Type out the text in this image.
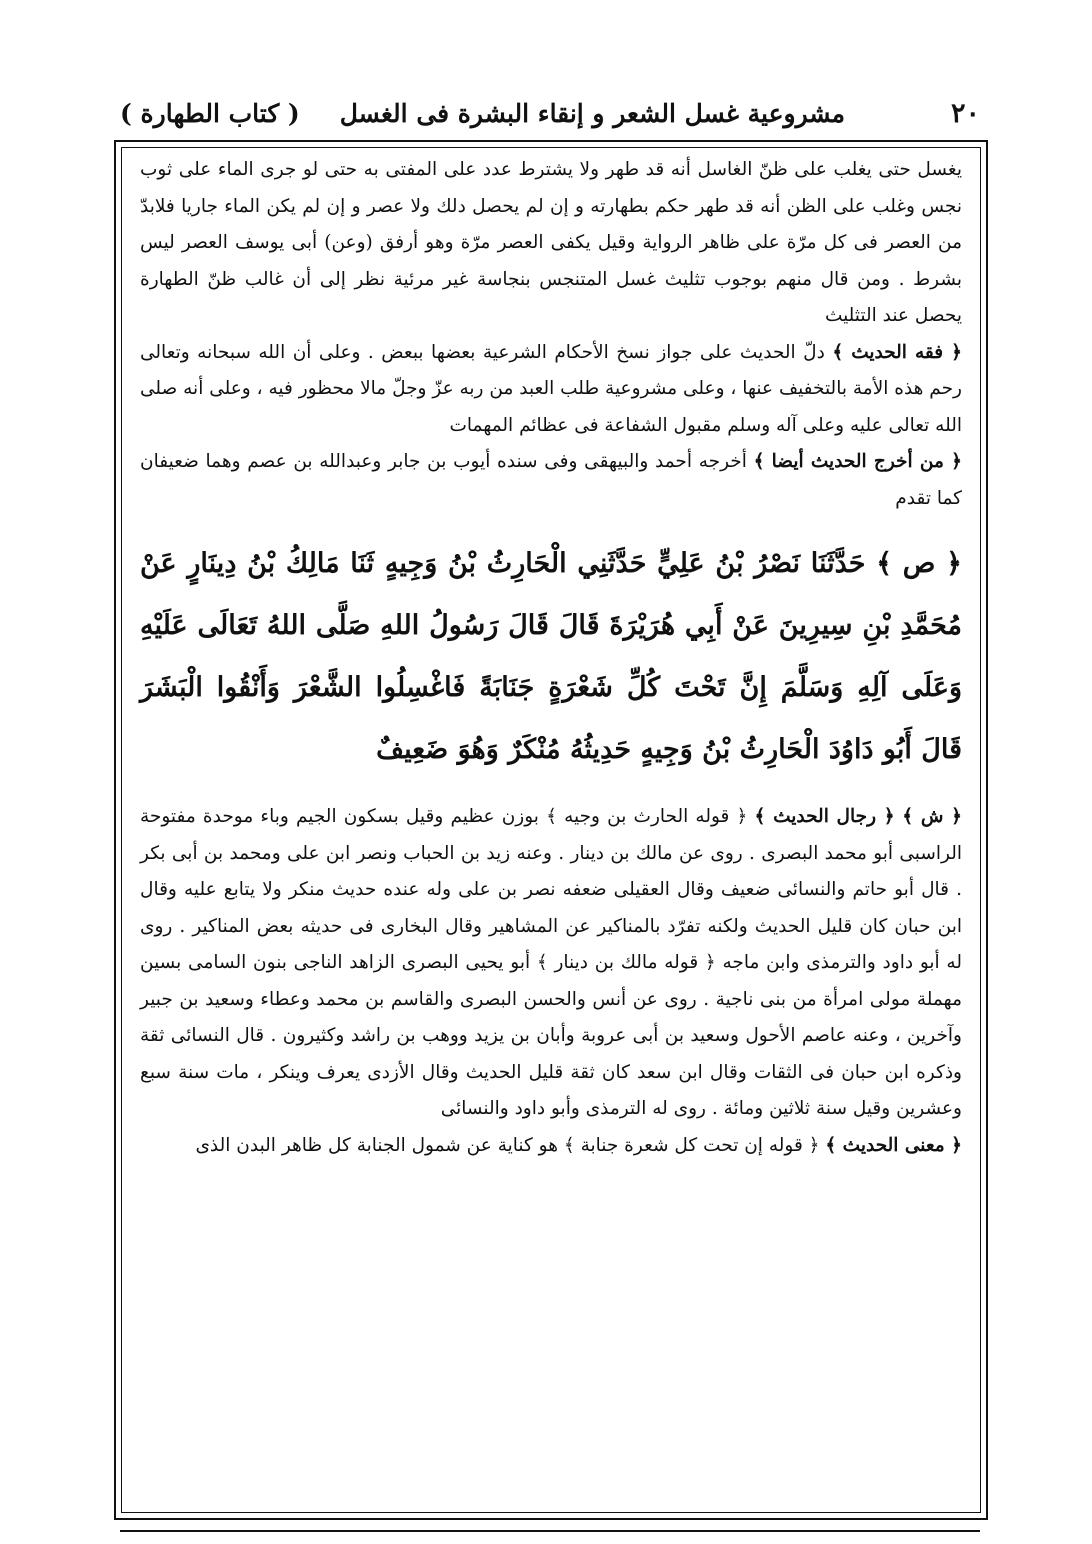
٢٠
مشروعية غسل الشعر و إنقاء البشرة فى الغسل
( كتاب الطهارة )

يغسل حتى يغلب على ظنّ الغاسل أنه قد طهر ولا يشترط عدد على المفتى به حتى لو جرى الماء على ثوب نجس وغلب على الظن أنه قد طهر حكم بطهارته و إن لم يحصل دلك ولا عصر و إن لم يكن الماء جاريا فلابدّ من العصر فى كل مرّة على ظاهر الرواية وقيل يكفى العصر مرّة وهو أرفق (وعن) أبى يوسف العصر ليس بشرط . ومن قال منهم بوجوب تثليث غسل المتنجس بنجاسة غير مرئية نظر إلى أن غالب ظنّ الطهارة يحصل عند التثليث

﴿ فقه الحديث ﴾ دلّ الحديث على جواز نسخ الأحكام الشرعية بعضها ببعض . وعلى أن الله سبحانه وتعالى رحم هذه الأمة بالتخفيف عنها ، وعلى مشروعية طلب العبد من ربه عزّ وجلّ مالا محظور فيه ، وعلى أنه صلى الله تعالى عليه وعلى آله وسلم مقبول الشفاعة فى عظائم المهمات

﴿ من أخرج الحديث أيضا ﴾ أخرجه أحمد والبيهقى وفى سنده أيوب بن جابر وعبدالله بن عصم وهما ضعيفان كما تقدم

﴿ ص ﴾ حَدَّثَنَا نَصْرُ بْنُ عَلِيٍّ حَدَّثَنِي الْحَارِثُ بْنُ وَجِيهٍ ثَنَا مَالِكُ بْنُ دِينَارٍ عَنْ مُحَمَّدِ بْنِ سِيرِينَ عَنْ أَبِي هُرَيْرَةَ قَالَ قَالَ رَسُولُ اللهِ صَلَّى اللهُ تَعَالَى عَلَيْهِ وَعَلَى آلِهِ وَسَلَّمَ إِنَّ تَحْتَ كُلِّ شَعْرَةٍ جَنَابَةً فَاغْسِلُوا الشَّعْرَ وَأَنْقُوا الْبَشَرَ قَالَ أَبُو دَاوُدَ الْحَارِثُ بْنُ وَجِيهٍ حَدِيثُهُ مُنْكَرٌ وَهُوَ ضَعِيفٌ

﴿ ش ﴾ ﴿ رجال الحديث ﴾ ﴿ قوله الحارث بن وجيه ﴾ بوزن عظيم وقيل بسكون الجيم وباء موحدة مفتوحة الراسبى أبو محمد البصرى . روى عن مالك بن دينار . وعنه زيد بن الحباب ونصر ابن على ومحمد بن أبى بكر . قال أبو حاتم والنسائى ضعيف وقال العقيلى ضعفه نصر بن على وله عنده حديث منكر ولا يتابع عليه وقال ابن حبان كان قليل الحديث ولكنه تفرّد بالمناكير عن المشاهير وقال البخارى فى حديثه بعض المناكير . روى له أبو داود والترمذى وابن ماجه ﴿ قوله مالك بن دينار ﴾ أبو يحيى البصرى الزاهد الناجى بنون السامى بسين مهملة مولى امرأة من بنى ناجية . روى عن أنس والحسن البصرى والقاسم بن محمد وعطاء وسعيد بن جبير وآخرين ، وعنه عاصم الأحول وسعيد بن أبى عروبة وأبان بن يزيد ووهب بن راشد وكثيرون . قال النسائى ثقة وذكره ابن حبان فى الثقات وقال ابن سعد كان ثقة قليل الحديث وقال الأزدى يعرف وينكر ، مات سنة سبع وعشرين وقيل سنة ثلاثين ومائة . روى له الترمذى وأبو داود والنسائى

﴿ معنى الحديث ﴾ ﴿ قوله إن تحت كل شعرة جنابة ﴾ هو كناية عن شمول الجنابة كل ظاهر البدن الذى
